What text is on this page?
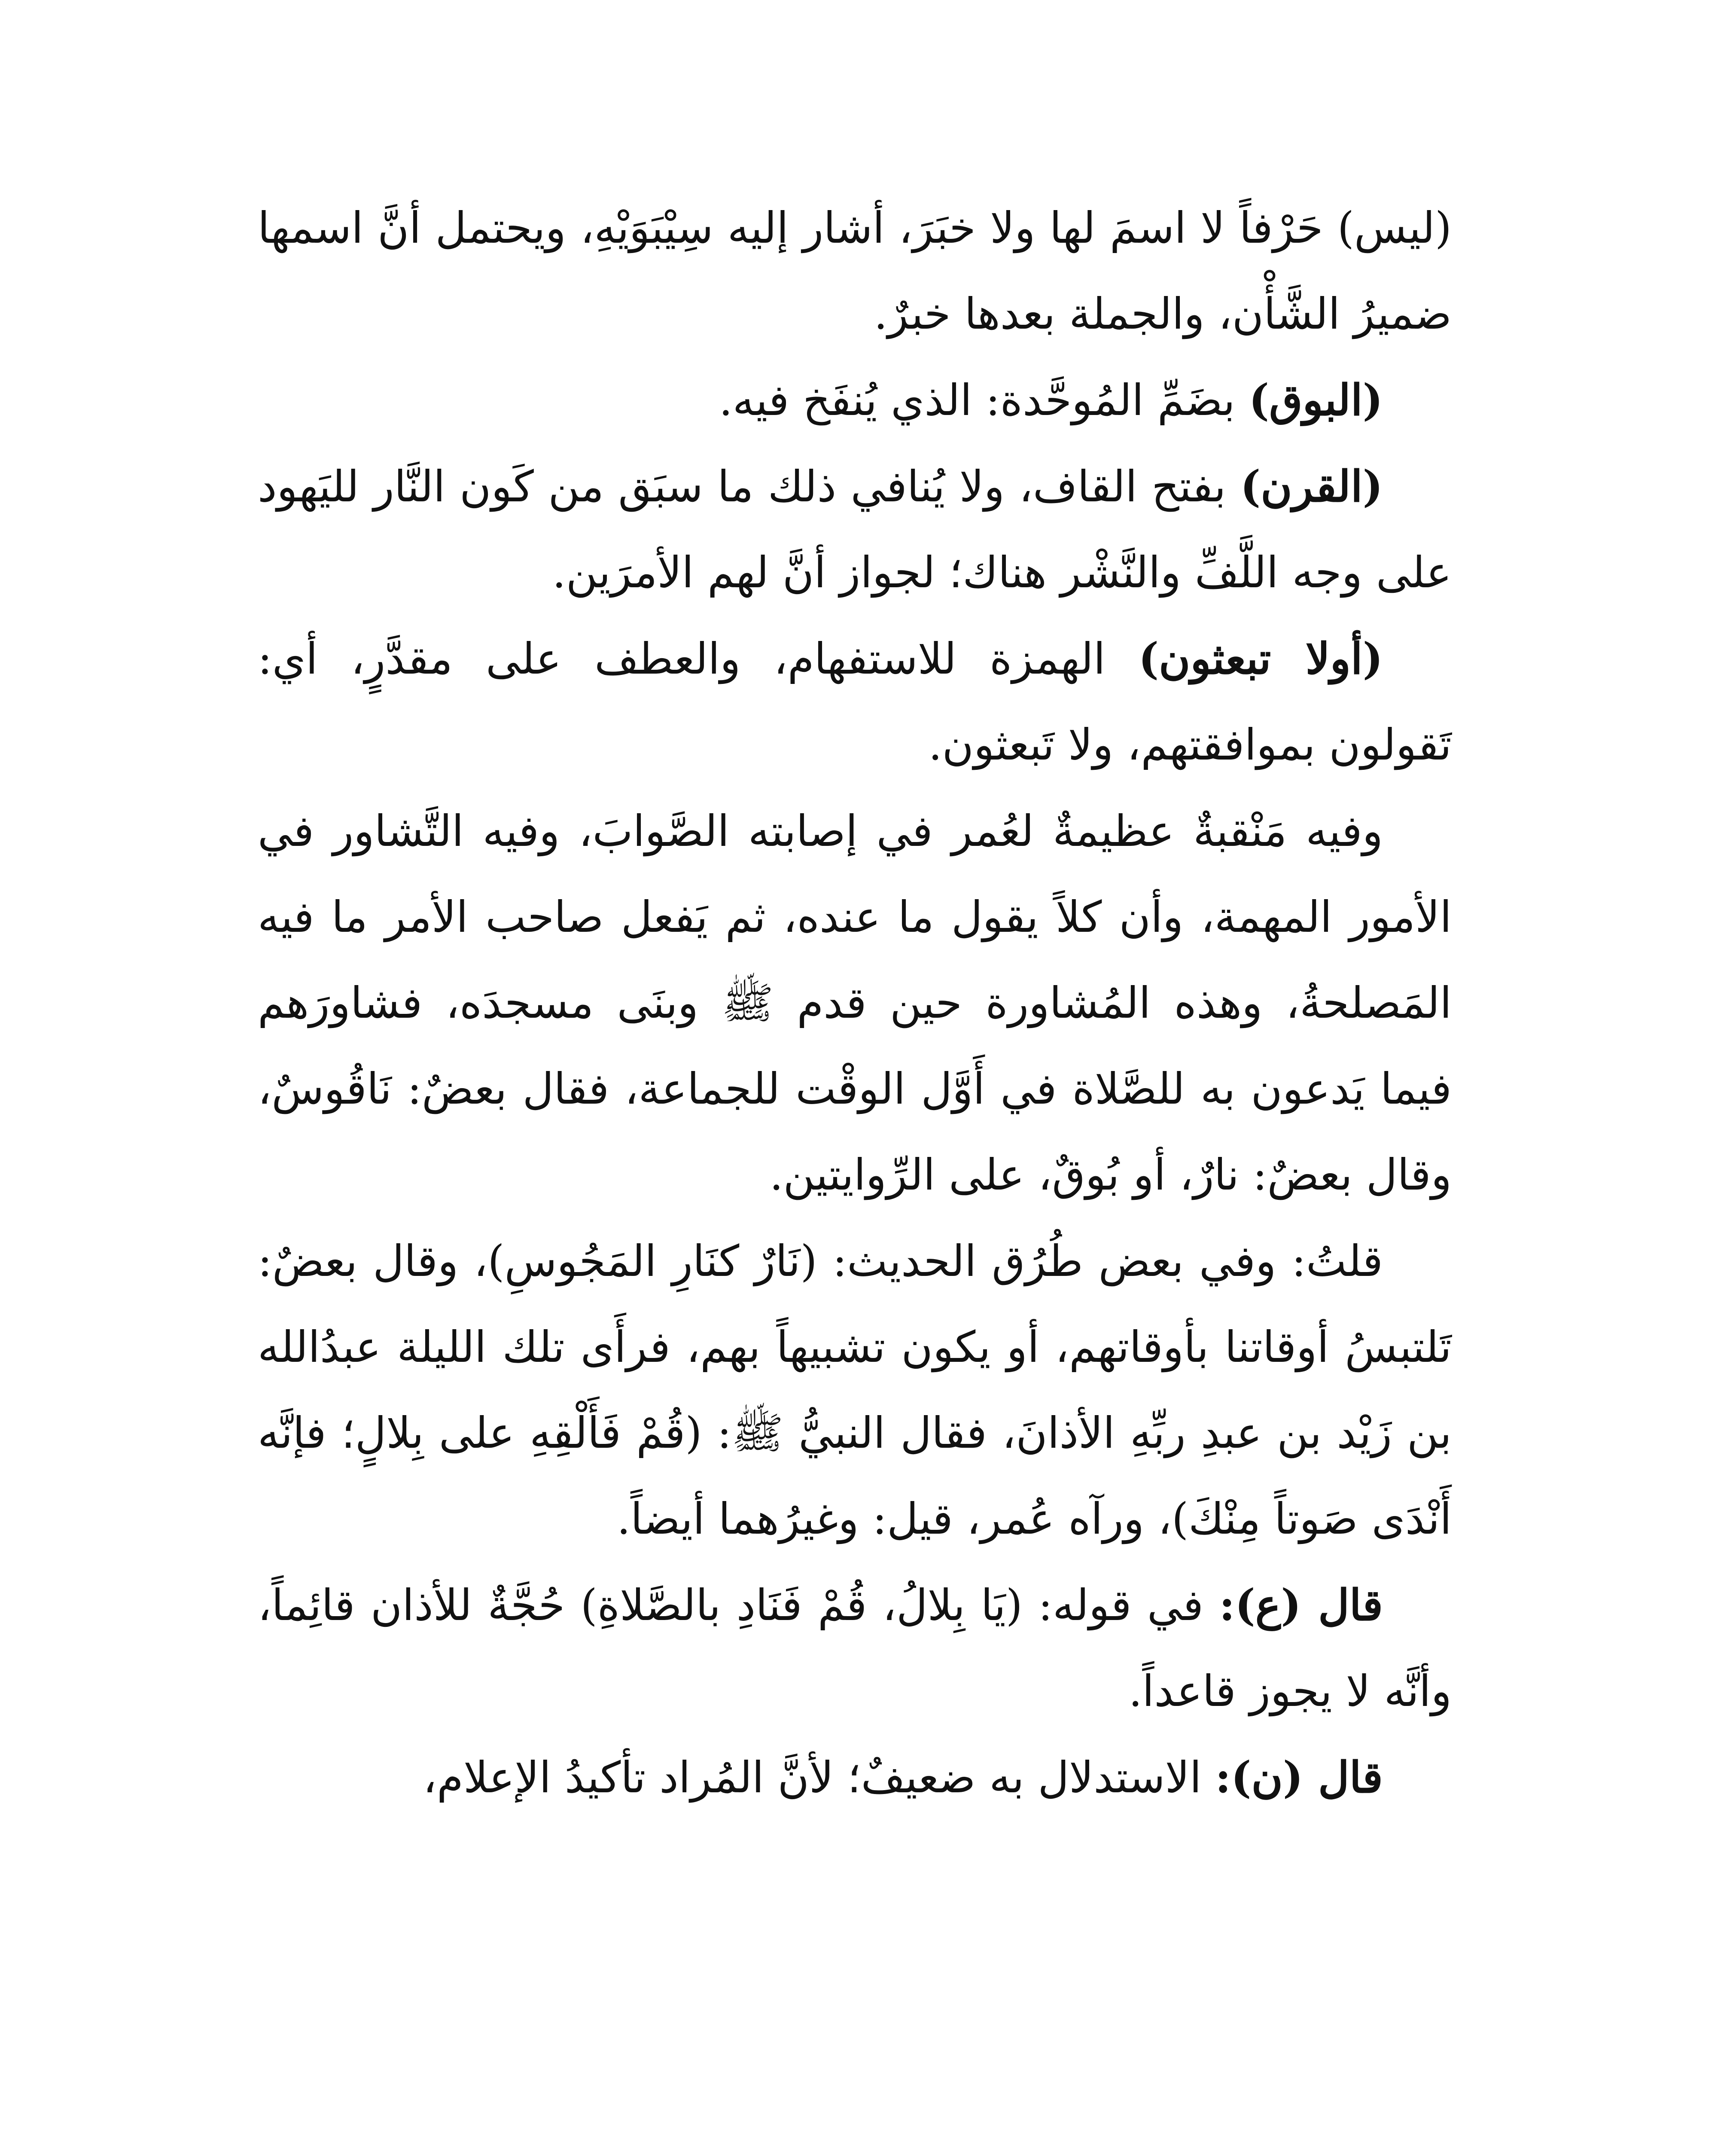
(ليس) حَرْفاً لا اسمَ لها ولا خبَرَ، أشار إليه سِيْبَوَيْهِ، ويحتمل أنَّ اسمها ضميرُ الشَّأْن، والجملة بعدها خبرٌ.

(البوق) بضَمِّ المُوحَّدة: الذي يُنفَخ فيه.

(القرن) بفتح القاف، ولا يُنافي ذلك ما سبَق من كَون النَّار لليَهود على وجه اللَّفِّ والنَّشْر هناك؛ لجواز أنَّ لهم الأمرَين.

(أولا تبعثون) الهمزة للاستفهام، والعطف على مقدَّرٍ، أي: تَقولون بموافقتهم، ولا تَبعثون.

وفيه مَنْقبةٌ عظيمةٌ لعُمر في إصابته الصَّوابَ، وفيه التَّشاور في الأمور المهمة، وأن كلاً يقول ما عنده، ثم يَفعل صاحب الأمر ما فيه المَصلحةُ، وهذه المُشاورة حين قدم ﷺ وبنَى مسجدَه، فشاورَهم فيما يَدعون به للصَّلاة في أَوَّل الوقْت للجماعة، فقال بعضٌ: نَاقُوسٌ، وقال بعضٌ: نارٌ، أو بُوقٌ، على الرِّوايتين.

قلتُ: وفي بعض طُرُق الحديث: (نَارٌ كنَارِ المَجُوسِ)، وقال بعضٌ: تَلتبسُ أوقاتنا بأوقاتهم، أو يكون تشبيهاً بهم، فرأَى تلك الليلة عبدُالله بن زَيْد بن عبدِ ربِّهِ الأذانَ، فقال النبيُّ ﷺ: (قُمْ فَأَلْقِهِ على بِلالٍ؛ فإنَّه أَنْدَى صَوتاً مِنْكَ)، ورآه عُمر، قيل: وغيرُهما أيضاً.

قال (ع): في قوله: (يَا بِلالُ، قُمْ فَنَادِ بالصَّلاةِ) حُجَّةٌ للأذان قائِماً، وأنَّه لا يجوز قاعداً.

قال (ن): الاستدلال به ضعيفٌ؛ لأنَّ المُراد تأكيدُ الإعلام،
